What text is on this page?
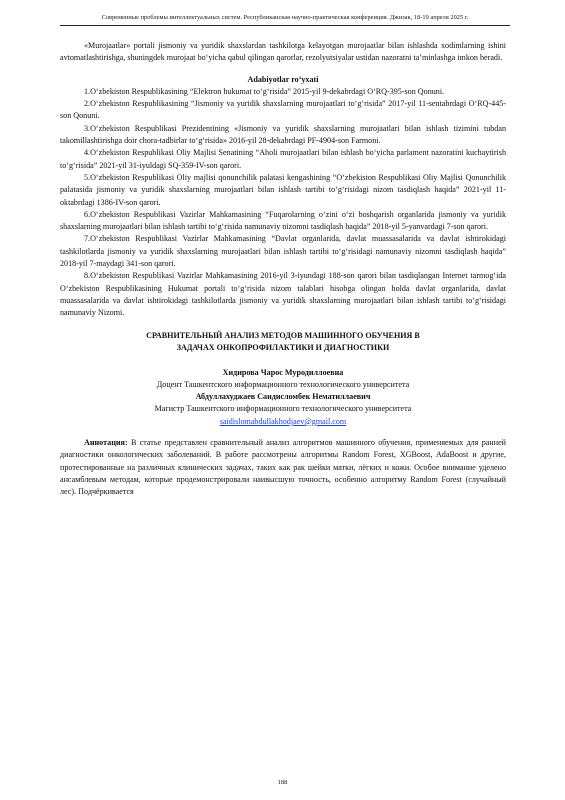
Современные проблемы интеллектуальных систем. Республиканская научно-практическая конференция. Джизак, 18-19 апреля 2025 г.

«Murojaatlar» portali jismoniy va yuridik shaxslardan tashkilotga kelayotgan murojaatlar bilan ishlashda xodimlarning ishini avtomatlashtirishga, shuningdek murojaat bo‘yicha qabul qilingan qarorlar, rezolyutsiyalar ustidan nazoratni ta’minlashga imkon beradi.

Adabiyotlar ro‘yxati

1.O‘zbekiston Respublikasining “Elektron hukumat to‘g‘risida” 2015-yil 9-dekabrdagi O‘RQ-395-son Qonuni.

2.O‘zbekiston Respublikasining “Jismoniy va yuridik shaxslarning murojaatlari to‘g‘risida” 2017-yil 11-sentabrdagi O‘RQ-445-son Qonuni.

3.O‘zbekiston Respublikasi Prezidentining «Jismoniy va yuridik shaxslarning murojaatlari bilan ishlash tizimini tubdan takomillashtirishga doir chora-tadbirlar to‘g‘risida» 2016-yil 28-dekabrdagi PF-4904-son Farmoni.

4.O‘zbekiston Respublikasi Oliy Majlisi Senatining “Aholi murojaatlari bilan ishlash bo‘yicha parlament nazoratini kuchaytirish to‘g‘risida” 2021-yil 31-iyuldagi SQ-359-IV-son qarori.

5.O‘zbekiston Respublikasi Oliy majlisi qonunchilik palatasi kengashining “O‘zbekiston Respublikasi Oliy Majlisi Qonunchilik palatasida jismoniy va yuridik shaxslarning murojaatlari bilan ishlash tartibi to‘g‘risidagi nizom tasdiqlash haqida” 2021-yil 11-oktabrdagi 1386-IV-son qarori.

6.O‘zbekiston Respublikasi Vazirlar Mahkamasining “Fuqarolarning o‘zini o‘zi boshqarish organlarida jismoniy va yuridik shaxslarning murojaatlari bilan ishlash tartibi to‘g‘risida namunaviy nizomni tasdiqlash haqida” 2018-yil 5-yanvardagi 7-son qarori.

7.O‘zbekiston Respublikasi Vazirlar Mahkamasining “Davlat organlarida, davlat muassasalarida va davlat ishtirokidagi tashkilotlarda jismoniy va yuridik shaxslarning murojaatlari bilan ishlash tartibi to‘g‘risidagi namunaviy nizomni tasdiqlash haqida” 2018-yil 7-maydagi 341-son qarori.

8.O‘zbekiston Respublikasi Vazirlar Mahkamasining 2016-yil 3-iyundagi 188-son qarori bilan tasdiqlangan Internet tarmog‘ida O‘zbekiston Respublikasining Hukumat portali to‘g‘risida nizom talablari hisobga olingan holda davlat organlarida, davlat muassasalarida va davlat ishtirokidagi tashkilotlarda jismoniy va yuridik shaxslarning murojaatlari bilan ishlash tartibi to‘g‘risidagi namunaviy Nizomi.

СРАВНИТЕЛЬНЫЙ АНАЛИЗ МЕТОДОВ МАШИННОГО ОБУЧЕНИЯ В
ЗАДАЧАХ ОНКОПРОФИЛАКТИКИ И ДИАГНОСТИКИ

Хидирова Чарос Муродиллоевна

Доцент Ташкентского информационного технологического университета

Абдуллахуджаев Саидисломбек Нематиллаевич

Магистр Ташкентского информационного технологического университета

saidislomabdullakhodjaev@gmail.com

Аннотация: В статье представлен сравнительный анализ алгоритмов машинного обучения, применяемых для ранней диагностики онкологических заболеваний. В работе рассмотрены алгоритмы Random Forest, XGBoost, AdaBoost и другие, протестированные на различных клинических задачах, таких как рак шейки матки, лёгких и кожи. Особое внимание уделено ансамблевым методам, которые продемонстрировали наивысшую точность, особенно алгоритму Random Forest (случайный лес). Подчёркивается

188
